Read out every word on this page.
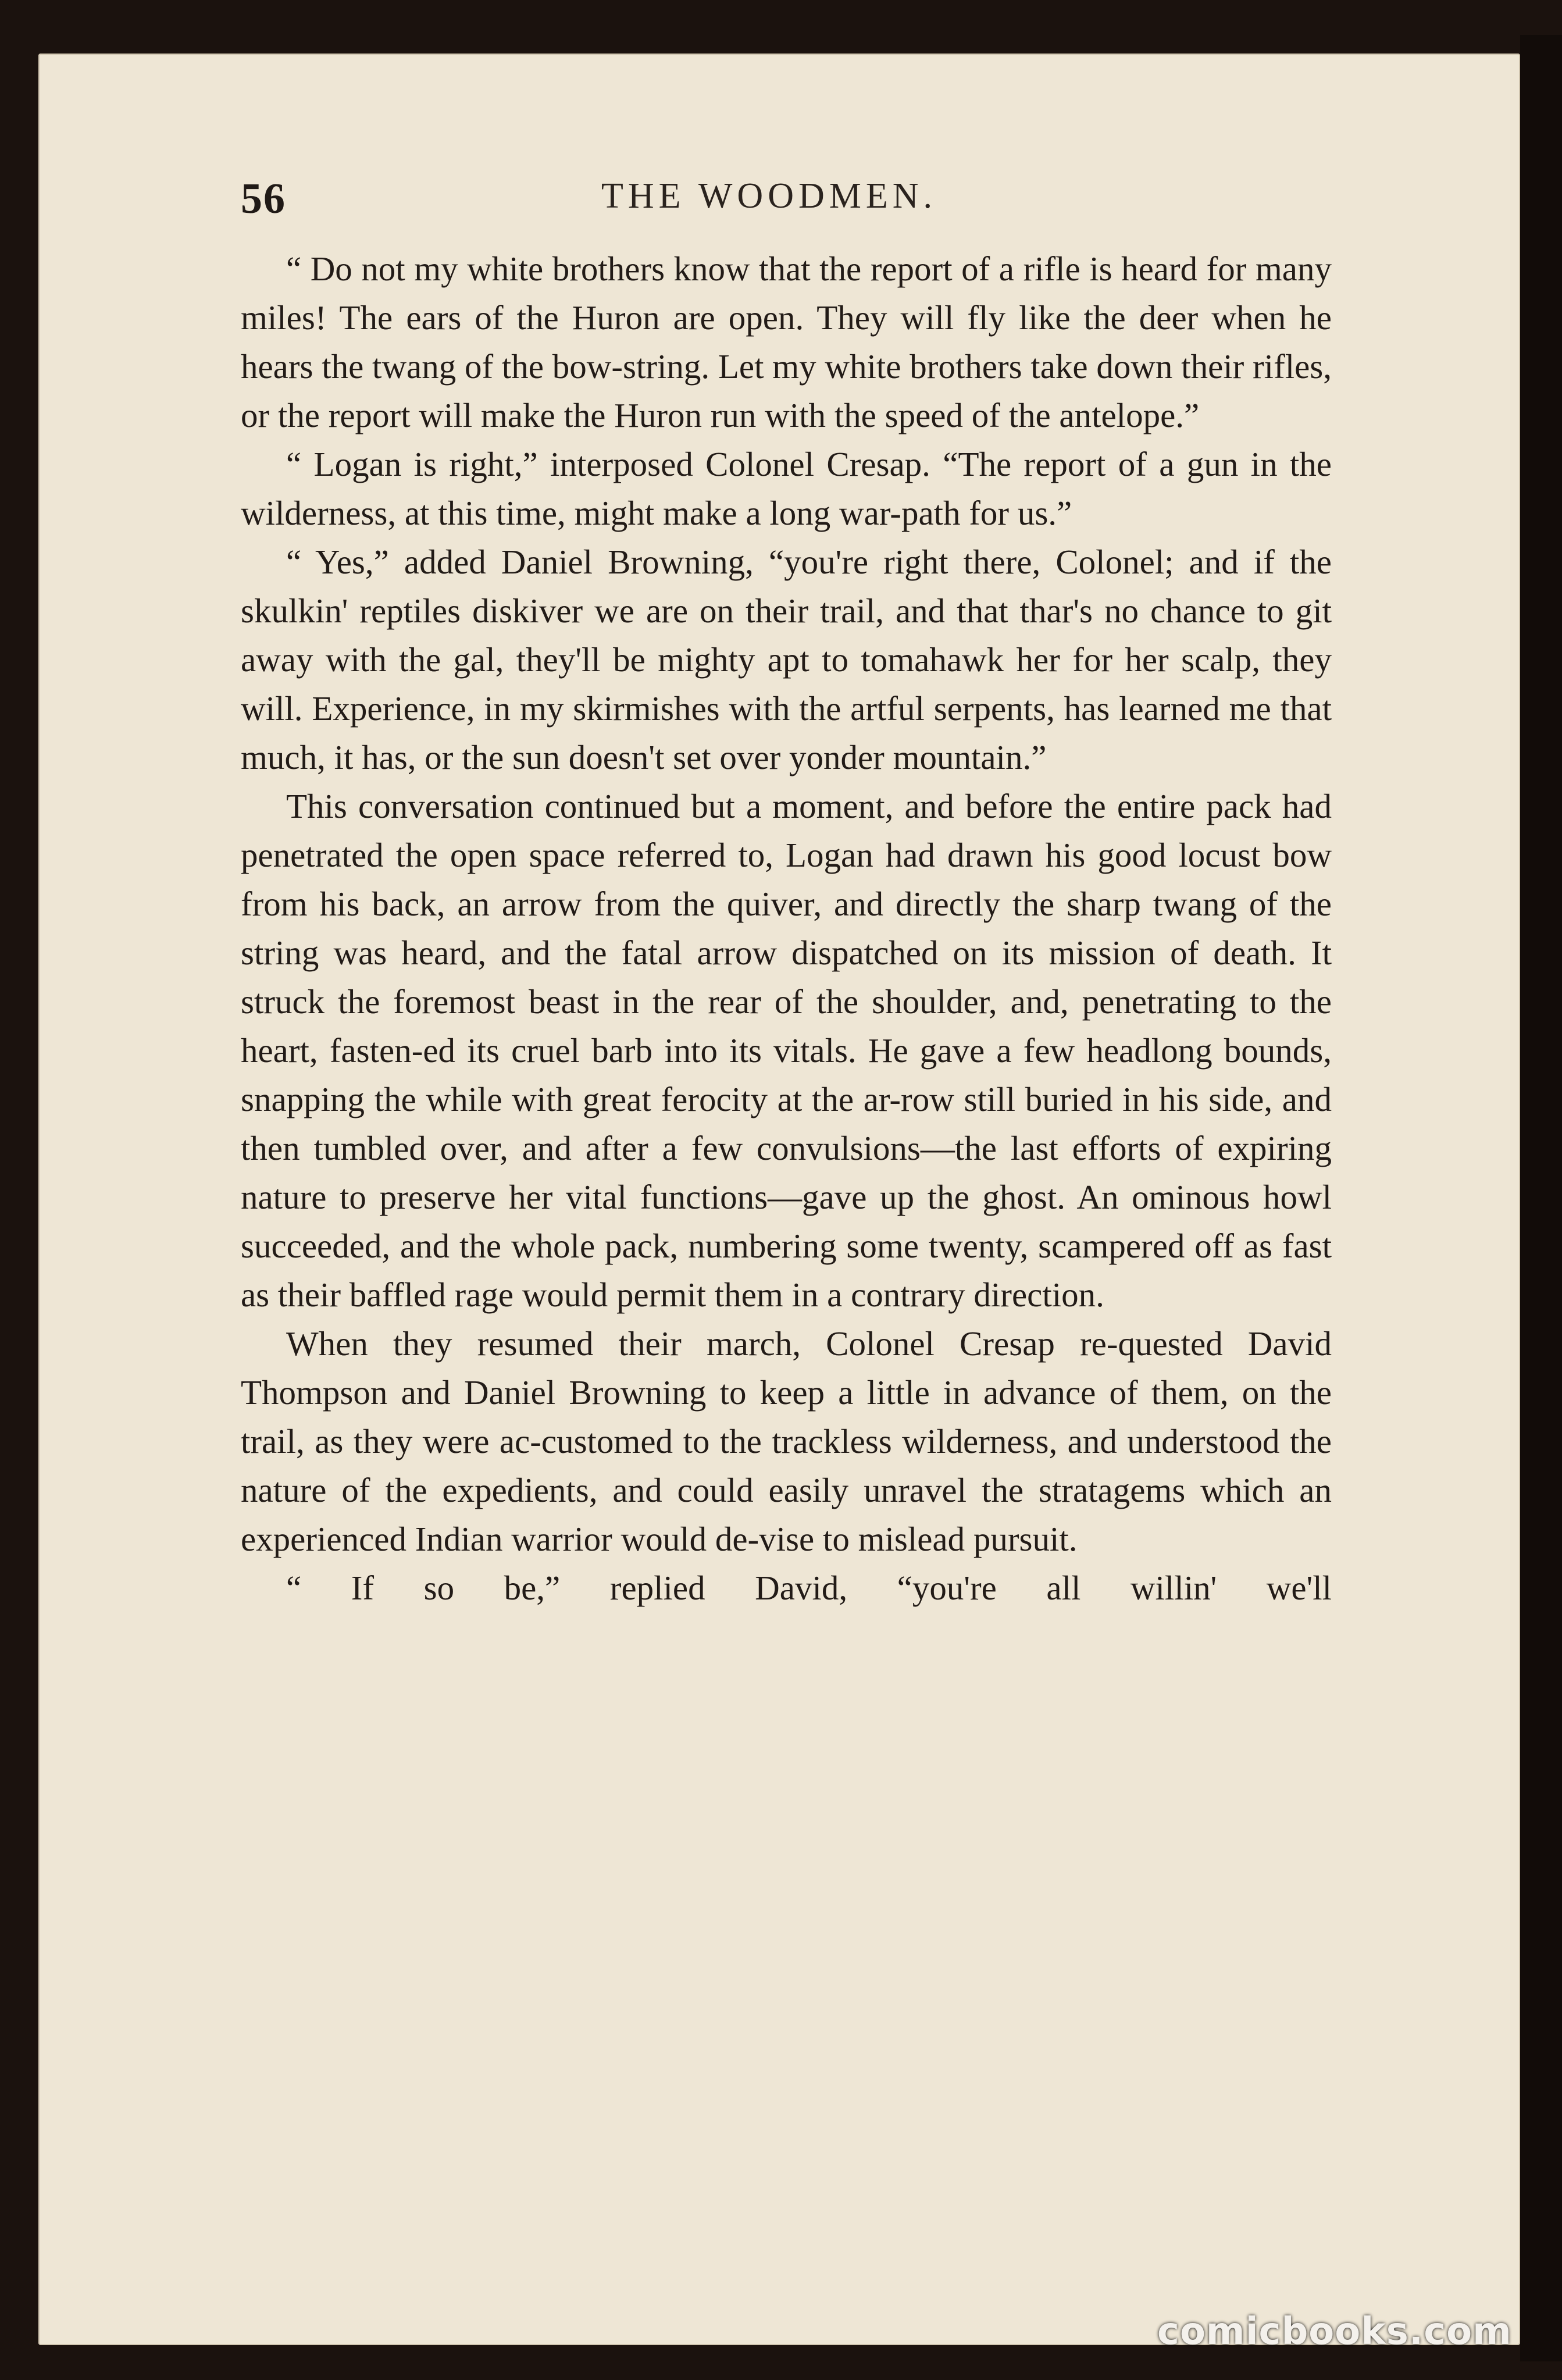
56	THE WOODMEN.

“ Do not my white brothers know that the report of a rifle is heard for many miles! The ears of the Huron are open. They will fly like the deer when he hears the twang of the bow-string. Let my white brothers take down their rifles, or the report will make the Huron run with the speed of the antelope.”

“ Logan is right,” interposed Colonel Cresap. “The report of a gun in the wilderness, at this time, might make a long war-path for us.”

“ Yes,” added Daniel Browning, “you're right there, Colonel; and if the skulkin' reptiles diskiver we are on their trail, and that thar's no chance to git away with the gal, they'll be mighty apt to tomahawk her for her scalp, they will. Experience, in my skirmishes with the artful serpents, has learned me that much, it has, or the sun doesn't set over yonder mountain.”

This conversation continued but a moment, and before the entire pack had penetrated the open space referred to, Logan had drawn his good locust bow from his back, an arrow from the quiver, and directly the sharp twang of the string was heard, and the fatal arrow dispatched on its mission of death. It struck the foremost beast in the rear of the shoulder, and, penetrating to the heart, fasten-ed its cruel barb into its vitals. He gave a few headlong bounds, snapping the while with great ferocity at the ar-row still buried in his side, and then tumbled over, and after a few convulsions—the last efforts of expiring nature to preserve her vital functions—gave up the ghost. An ominous howl succeeded, and the whole pack, numbering some twenty, scampered off as fast as their baffled rage would permit them in a contrary direction.

When they resumed their march, Colonel Cresap re-quested David Thompson and Daniel Browning to keep a little in advance of them, on the trail, as they were ac-customed to the trackless wilderness, and understood the nature of the expedients, and could easily unravel the stratagems which an experienced Indian warrior would de-vise to mislead pursuit.

“ If so be,” replied David, “you're all willin' we'll

comicbooks.com
